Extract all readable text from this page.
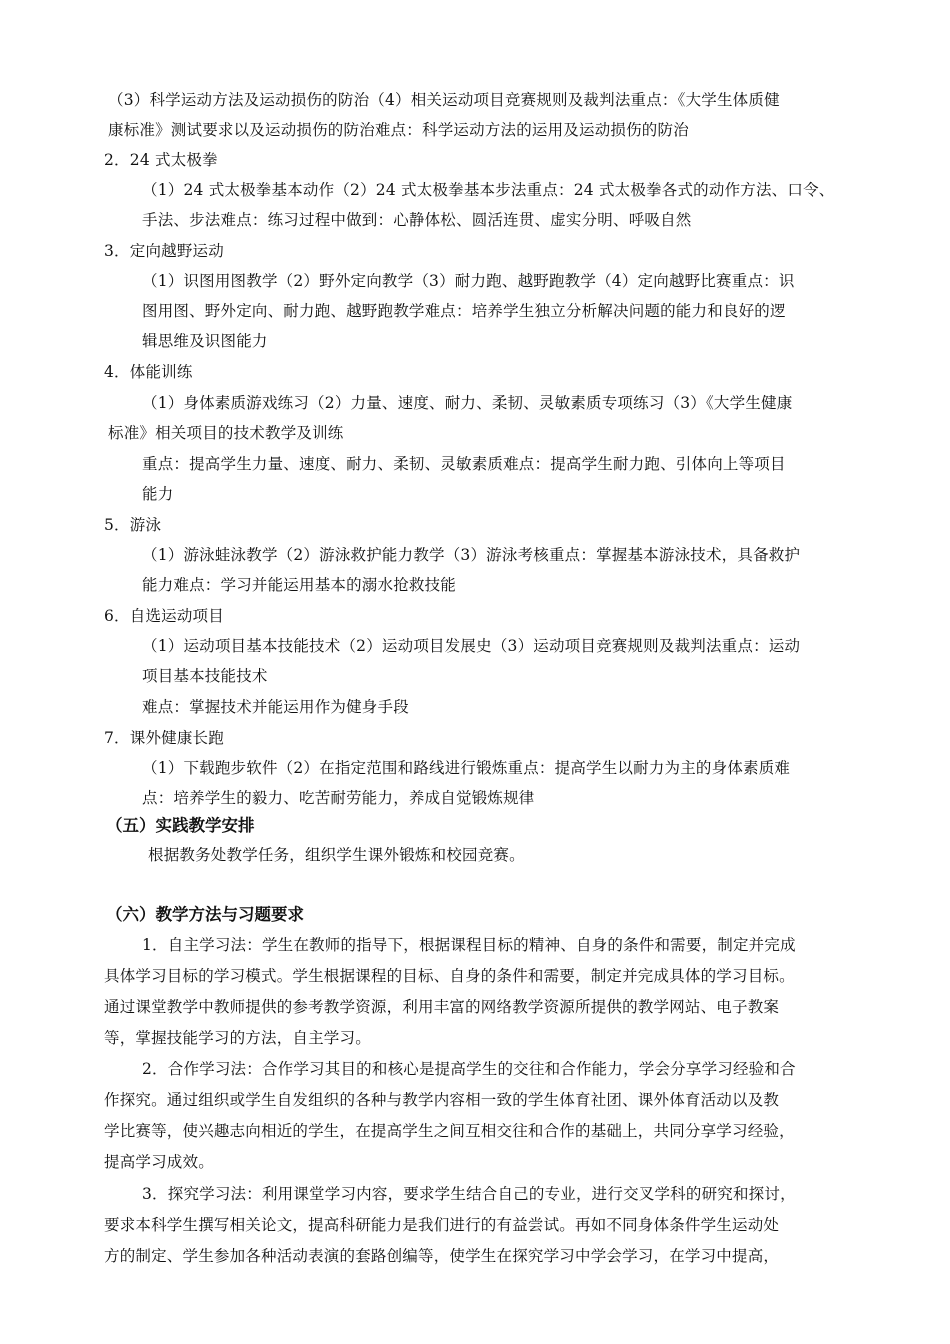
（3）科学运动方法及运动损伤的防治（4）相关运动项目竞赛规则及裁判法重点：《大学生体质健
康标准》测试要求以及运动损伤的防治难点：科学运动方法的运用及运动损伤的防治
2．24 式太极拳
（1）24 式太极拳基本动作（2）24 式太极拳基本步法重点：24 式太极拳各式的动作方法、口令、
手法、步法难点：练习过程中做到：心静体松、圆活连贯、虚实分明、呼吸自然
3．定向越野运动
（1）识图用图教学（2）野外定向教学（3）耐力跑、越野跑教学（4）定向越野比赛重点：识
图用图、野外定向、耐力跑、越野跑教学难点：培养学生独立分析解决问题的能力和良好的逻
辑思维及识图能力
4．体能训练
（1）身体素质游戏练习（2）力量、速度、耐力、柔韧、灵敏素质专项练习（3）《大学生健康
标准》相关项目的技术教学及训练
重点：提高学生力量、速度、耐力、柔韧、灵敏素质难点：提高学生耐力跑、引体向上等项目
能力
5．游泳
（1）游泳蛙泳教学（2）游泳救护能力教学（3）游泳考核重点：掌握基本游泳技术，具备救护
能力难点：学习并能运用基本的溺水抢救技能
6．自选运动项目
（1）运动项目基本技能技术（2）运动项目发展史（3）运动项目竞赛规则及裁判法重点：运动
项目基本技能技术
难点：掌握技术并能运用作为健身手段
7．课外健康长跑
（1）下载跑步软件（2）在指定范围和路线进行锻炼重点：提高学生以耐力为主的身体素质难
点：培养学生的毅力、吃苦耐劳能力，养成自觉锻炼规律
（五）实践教学安排
根据教务处教学任务，组织学生课外锻炼和校园竞赛。
（六）教学方法与习题要求
1．自主学习法：学生在教师的指导下，根据课程目标的精神、自身的条件和需要，制定并完成
具体学习目标的学习模式。学生根据课程的目标、自身的条件和需要，制定并完成具体的学习目标。
通过课堂教学中教师提供的参考教学资源，利用丰富的网络教学资源所提供的教学网站、电子教案
等，掌握技能学习的方法，自主学习。
2．合作学习法：合作学习其目的和核心是提高学生的交往和合作能力，学会分享学习经验和合
作探究。通过组织或学生自发组织的各种与教学内容相一致的学生体育社团、课外体育活动以及教
学比赛等，使兴趣志向相近的学生，在提高学生之间互相交往和合作的基础上，共同分享学习经验，
提高学习成效。
3．探究学习法：利用课堂学习内容，要求学生结合自己的专业，进行交叉学科的研究和探讨，
要求本科学生撰写相关论文，提高科研能力是我们进行的有益尝试。再如不同身体条件学生运动处
方的制定、学生参加各种活动表演的套路创编等，使学生在探究学习中学会学习，在学习中提高，
